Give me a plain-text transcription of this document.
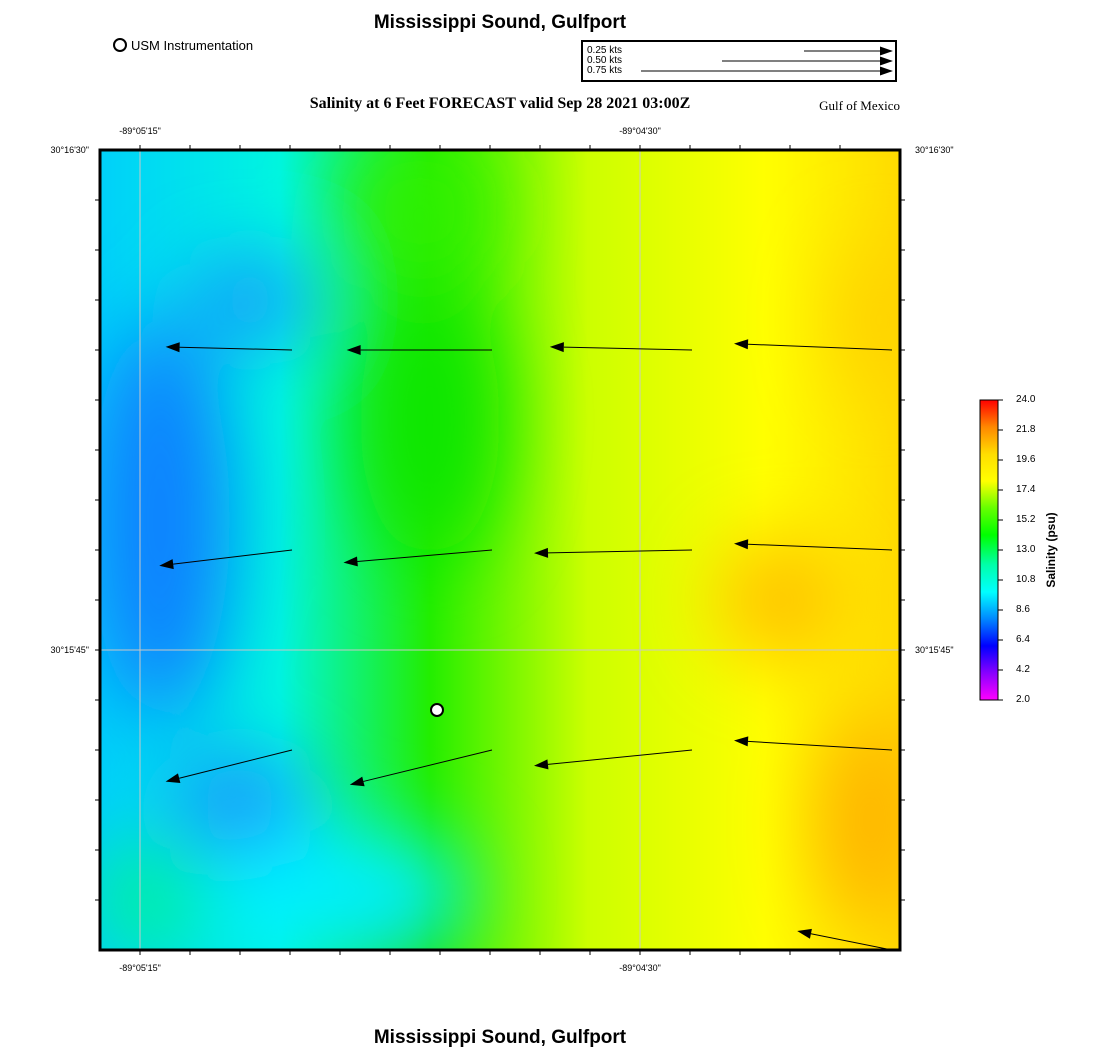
Mississippi Sound, Gulfport
USM Instrumentation	0.25 kts
0.50 kts
0.75 kts
Salinity at 6 Feet FORECAST valid Sep 28 2021 03:00Z	Gulf of Mexico
-89°05'15"	-89°04'30"
-89°05'15"	-89°04'30"
30°16'30"
30°15'45"
30°16'30"
30°15'45"
24.0
21.8
19.6
17.4
15.2
13.0
10.8
8.6
6.4
4.2
2.0
Salinity (psu)
Mississippi Sound, Gulfport
